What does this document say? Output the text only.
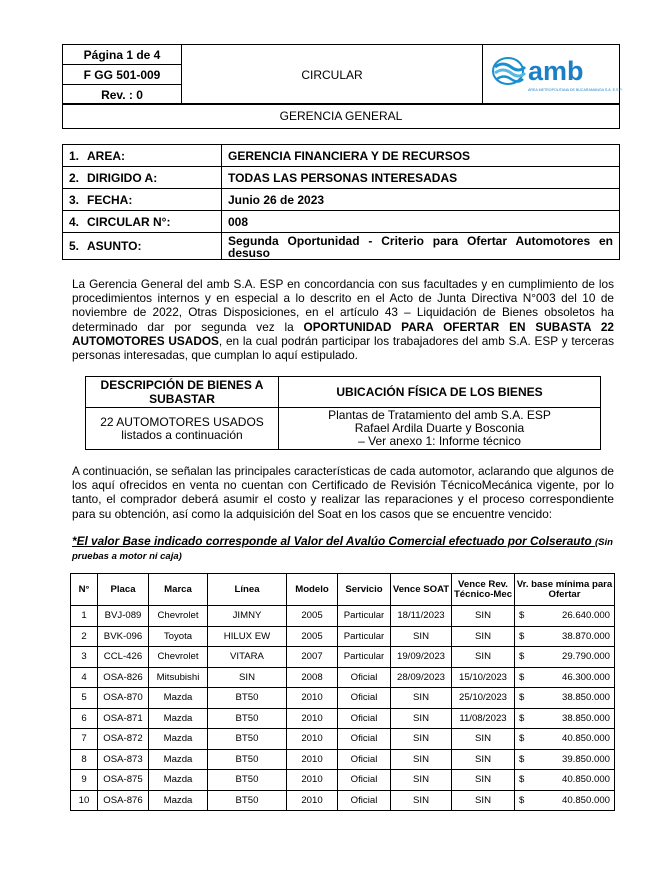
Página 1 de 4	CIRCULAR	amb
ÁREA METROPOLITANA DE BUCARAMANGA S.A. E.S.P.

F GG 501-009
Rev. : 0
GERENCIA GENERAL
1. AREA:	GERENCIA FINANCIERA Y DE RECURSOS
2. DIRIGIDO A:	TODAS LAS PERSONAS INTERESADAS
3. FECHA:	Junio 26 de 2023
4. CIRCULAR N°:	008
5. ASUNTO:	Segunda Oportunidad - Criterio para Ofertar Automotores en desuso
La Gerencia General del amb S.A. ESP en concordancia con sus facultades y en cumplimiento de los procedimientos internos y en especial a lo descrito en el Acto de Junta Directiva N°003 del 10 de noviembre de 2022, Otras Disposiciones, en el artículo 43 – Liquidación de Bienes obsoletos ha determinado dar por segunda vez la OPORTUNIDAD PARA OFERTAR EN SUBASTA 22 AUTOMOTORES USADOS, en la cual podrán participar los trabajadores del amb S.A. ESP y terceras personas interesadas, que cumplan lo aquí estipulado.
DESCRIPCIÓN DE BIENES A SUBASTAR	UBICACIÓN FÍSICA DE LOS BIENES
22 AUTOMOTORES USADOS listados a continuación	Plantas de Tratamiento del amb S.A. ESP
Rafael Ardila Duarte y Bosconia
– Ver anexo 1: Informe técnico
A continuación, se señalan las principales características de cada automotor, aclarando que algunos de los aquí ofrecidos en venta no cuentan con Certificado de Revisión TécnicoMecánica vigente, por lo tanto, el comprador deberá asumir el costo y realizar las reparaciones y el proceso correspondiente para su obtención, así como la adquisición del Soat en los casos que se encuentre vencido:
*El valor Base indicado corresponde al Valor del Avalúo Comercial efectuado por Colserauto (Sin pruebas a motor ni caja)
N°	Placa	Marca	Línea	Modelo	Servicio	Vence SOAT	Vence Rev. Técnico-Mec	Vr. base mínima para Ofertar
1	BVJ-089	Chevrolet	JIMNY	2005	Particular	18/11/2023	SIN	$ 26.640.000
2	BVK-096	Toyota	HILUX EW	2005	Particular	SIN	SIN	$ 38.870.000
3	CCL-426	Chevrolet	VITARA	2007	Particular	19/09/2023	SIN	$ 29.790.000
4	OSA-826	Mitsubishi	SIN	2008	Oficial	28/09/2023	15/10/2023	$ 46.300.000
5	OSA-870	Mazda	BT50	2010	Oficial	SIN	25/10/2023	$ 38.850.000
6	OSA-871	Mazda	BT50	2010	Oficial	SIN	11/08/2023	$ 38.850.000
7	OSA-872	Mazda	BT50	2010	Oficial	SIN	SIN	$ 40.850.000
8	OSA-873	Mazda	BT50	2010	Oficial	SIN	SIN	$ 39.850.000
9	OSA-875	Mazda	BT50	2010	Oficial	SIN	SIN	$ 40.850.000
10	OSA-876	Mazda	BT50	2010	Oficial	SIN	SIN	$ 40.850.000
